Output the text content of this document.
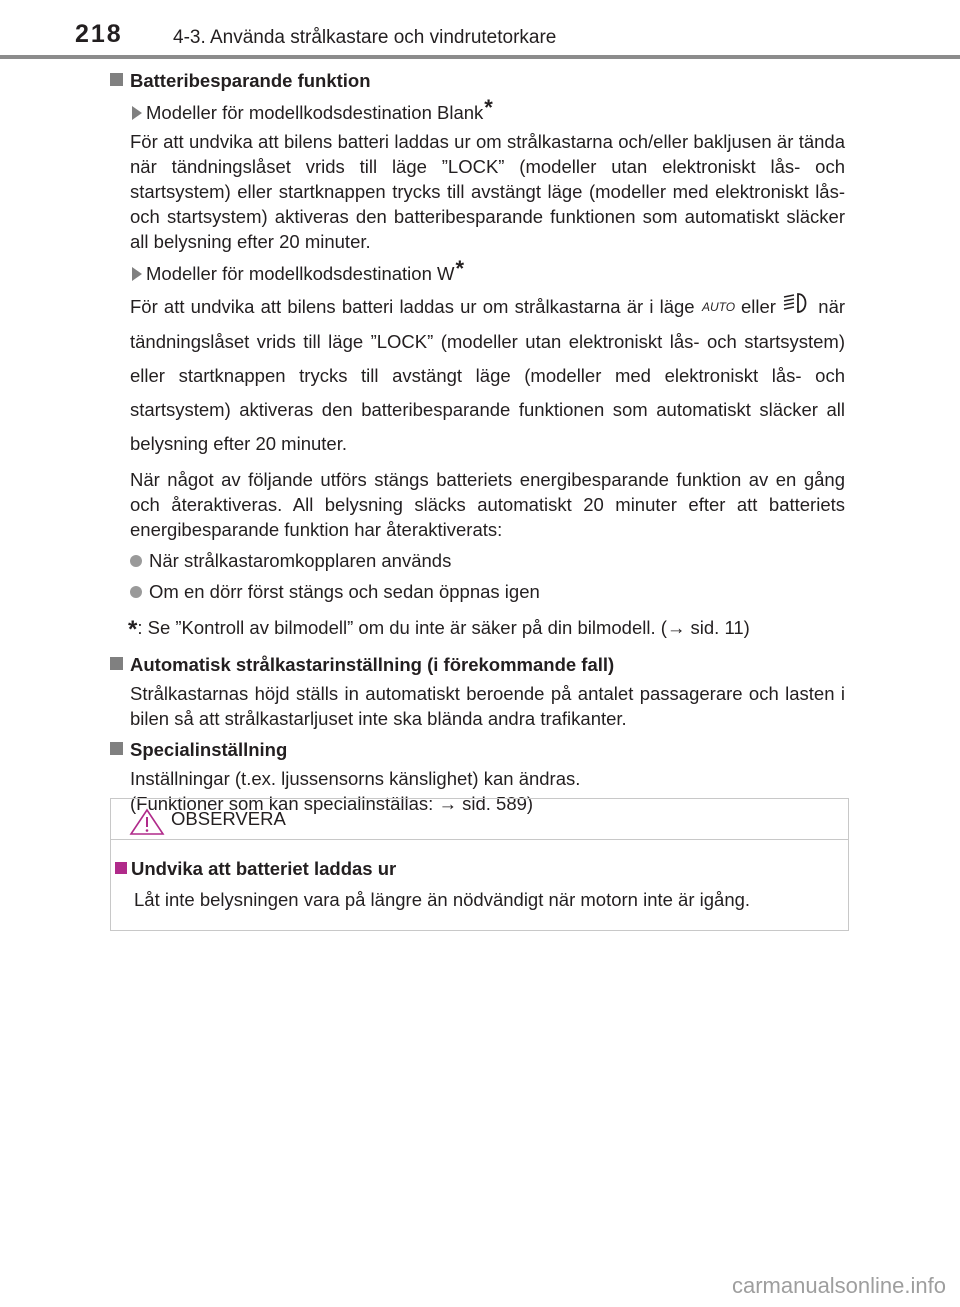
218	4-3. Använda strålkastare och vindrutetorkare
Batteribesparande funktion
Modeller för modellkodsdestination Blank*
För att undvika att bilens batteri laddas ur om strålkastarna och/eller bakljusen är tända när tändningslåset vrids till läge ”LOCK” (modeller utan elektroniskt lås- och startsystem) eller startknappen trycks till avstängt läge (modeller med elektroniskt lås- och startsystem) aktiveras den batteribesparande funktionen som automatiskt släcker all belysning efter 20 minuter.
Modeller för modellkodsdestination W*
För att undvika att bilens batteri laddas ur om strålkastarna är i läge AUTO eller när tändningslåset vrids till läge ”LOCK” (modeller utan elektroniskt lås- och startsystem) eller startknappen trycks till avstängt läge (modeller med elektroniskt lås- och startsystem) aktiveras den batteribesparande funktionen som automatiskt släcker all belysning efter 20 minuter.
När något av följande utförs stängs batteriets energibesparande funktion av en gång och återaktiveras. All belysning släcks automatiskt 20 minuter efter att batteriets energibesparande funktion har återaktiverats:
När strålkastaromkopplaren används
Om en dörr först stängs och sedan öppnas igen
*: Se ”Kontroll av bilmodell” om du inte är säker på din bilmodell. (→ sid. 11)
Automatisk strålkastarinställning (i förekommande fall)
Strålkastarnas höjd ställs in automatiskt beroende på antalet passagerare och lasten i bilen så att strålkastarljuset inte ska blända andra trafikanter.
Specialinställning
Inställningar (t.ex. ljussensorns känslighet) kan ändras.
(Funktioner som kan specialinställas: → sid. 589)
OBSERVERA
Undvika att batteriet laddas ur
Låt inte belysningen vara på längre än nödvändigt när motorn inte är igång.
carmanualsonline.info
